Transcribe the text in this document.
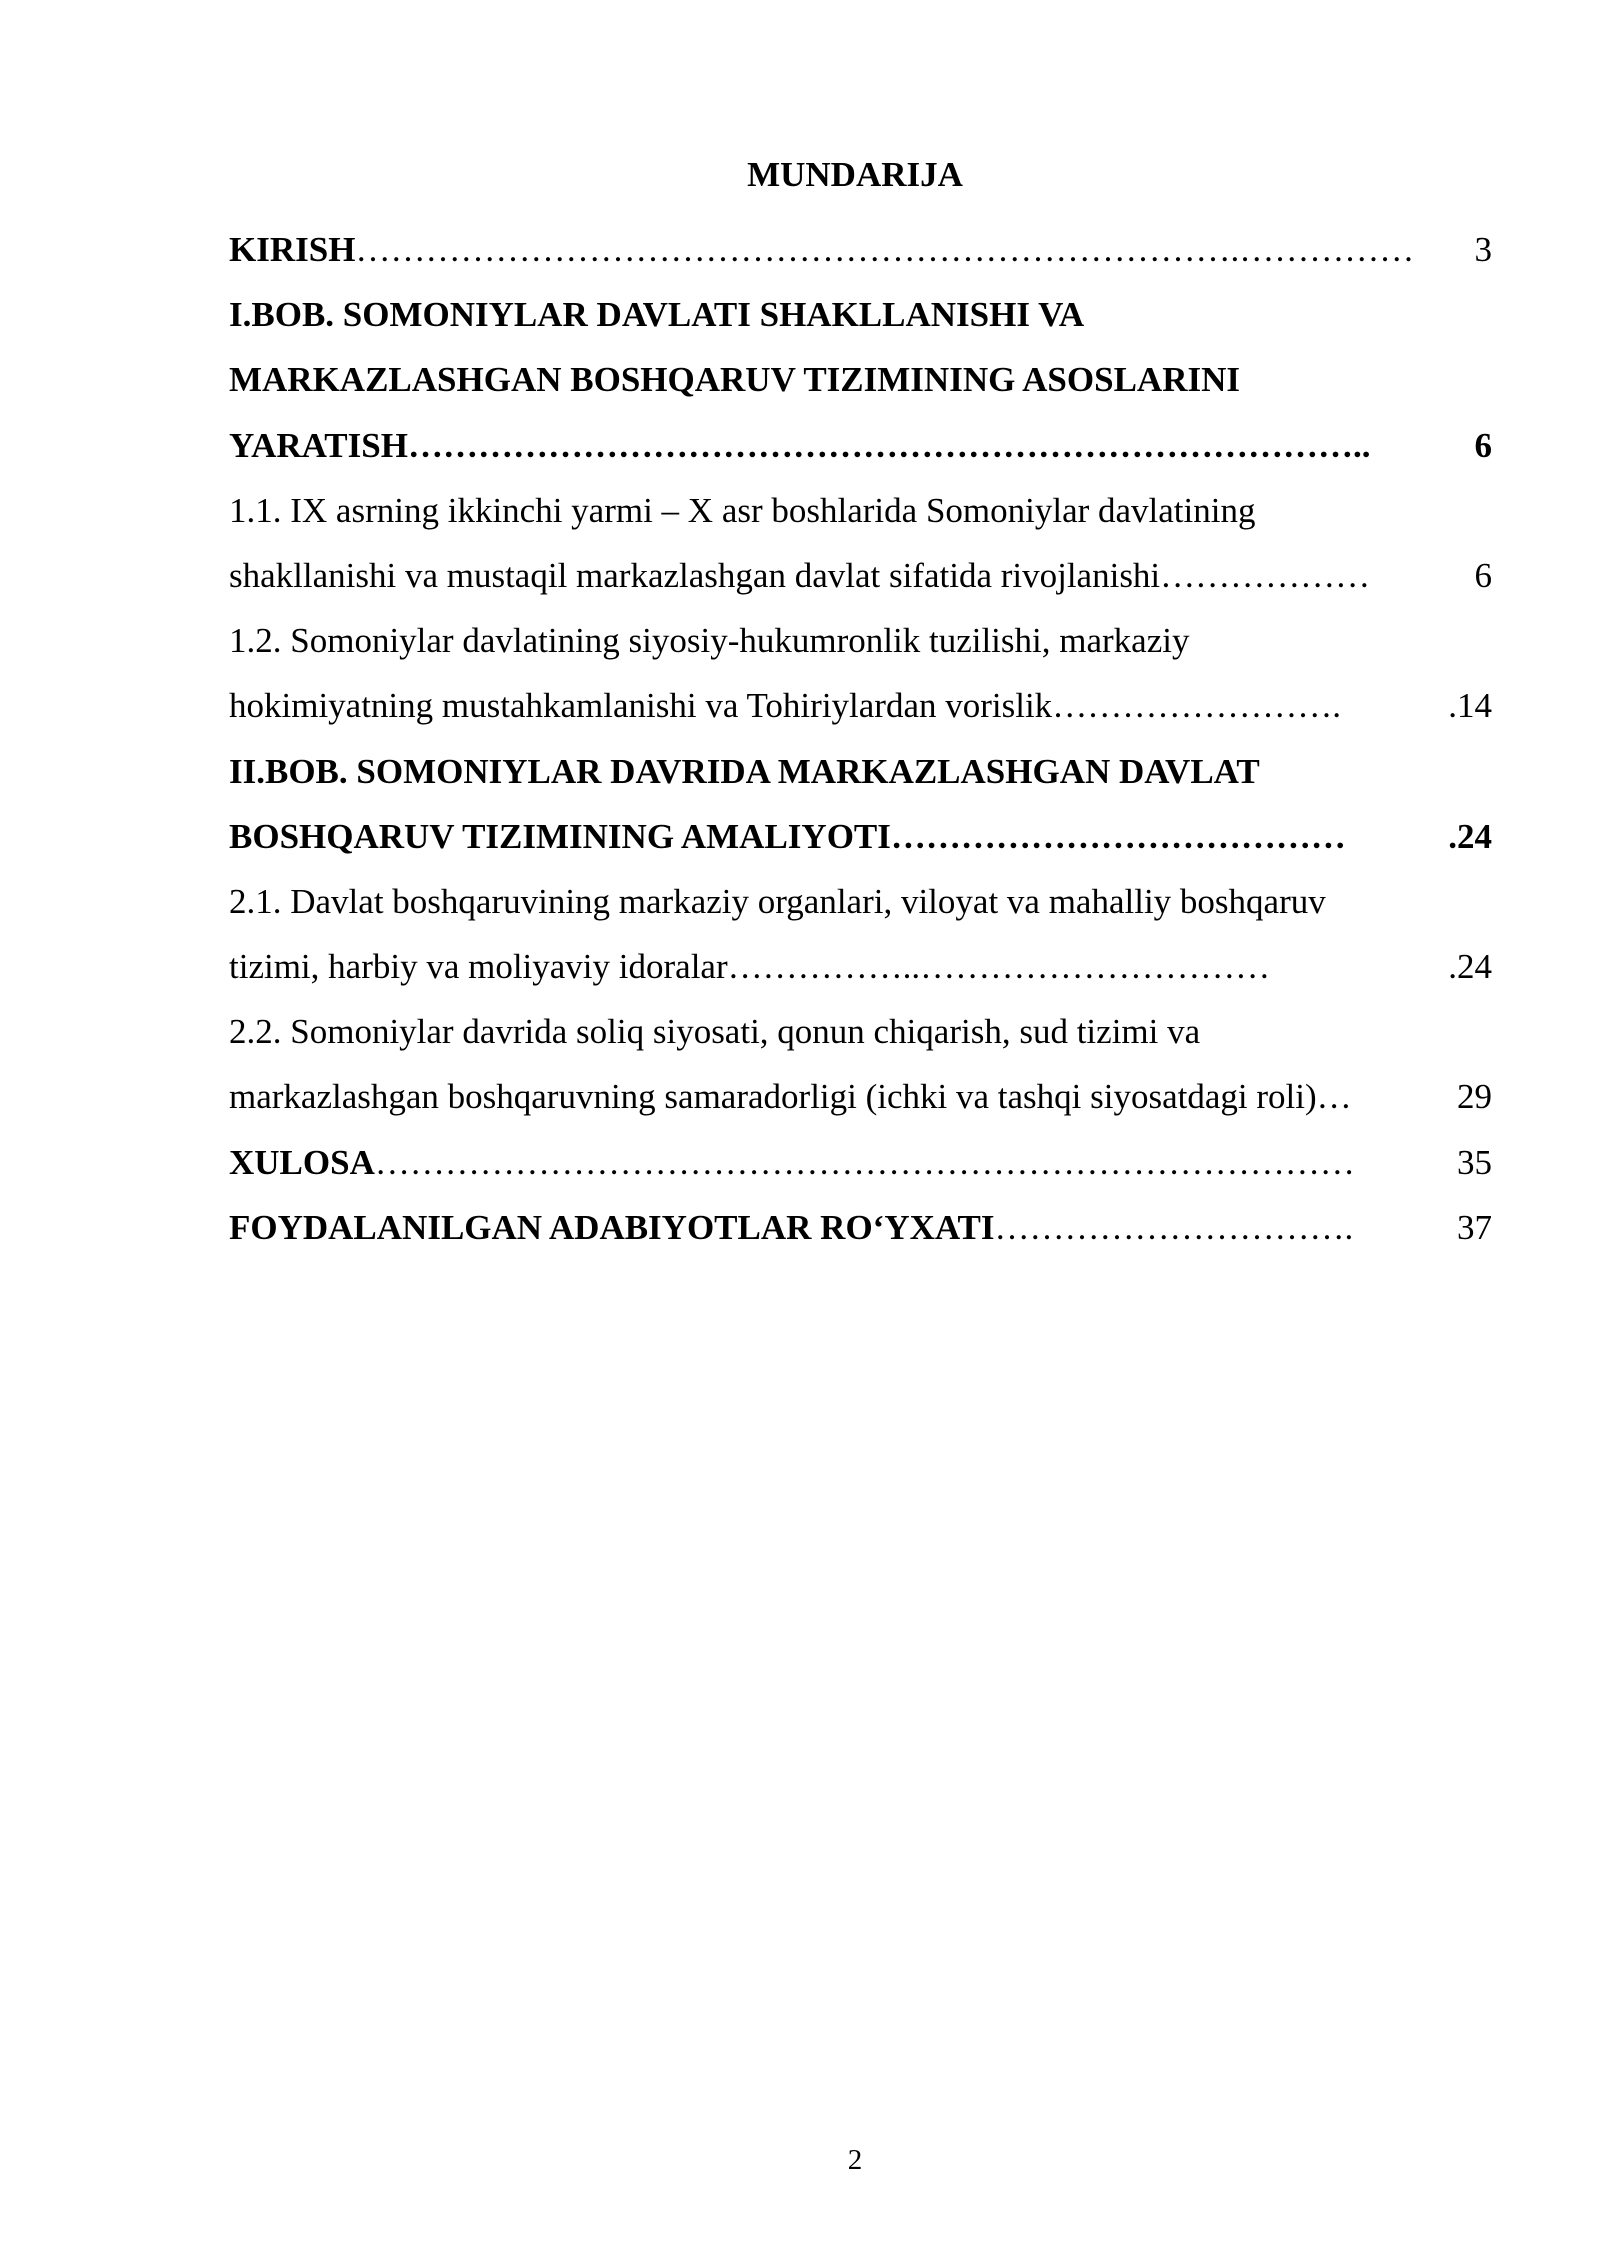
MUNDARIJA
KIRISH ………………………………………………………………….……………	3
I.BOB. SOMONIYLAR DAVLATI SHAKLLANISHI VA
MARKAZLASHGAN BOSHQARUV TIZIMINING ASOSLARINI
YARATISH ………………………………………………………………………..	6
1.1. IX asrning ikkinchi yarmi – X asr boshlarida Somoniylar davlatining
shakllanishi va mustaqil markazlashgan davlat sifatida rivojlanishi ………………	6
1.2. Somoniylar davlatining siyosiy-hukumronlik tuzilishi, markaziy
hokimiyatning mustahkamlanishi va Tohiriylardan vorislik …………………….	.14
II.BOB. SOMONIYLAR DAVRIDA MARKAZLASHGAN DAVLAT
BOSHQARUV TIZIMINING AMALIYOTI …………………………………	.24
2.1. Davlat boshqaruvining markaziy organlari, viloyat va mahalliy boshqaruv
tizimi, harbiy va moliyaviy idoralar ……………..…………………………	.24
2.2. Somoniylar davrida soliq siyosati, qonun chiqarish, sud tizimi va
markazlashgan boshqaruvning samaradorligi (ichki va tashqi siyosatdagi roli) …	29
XULOSA …………………………………………………………………………	35
FOYDALANILGAN ADABIYOTLAR RO‘YXATI ………………………….	37
2
